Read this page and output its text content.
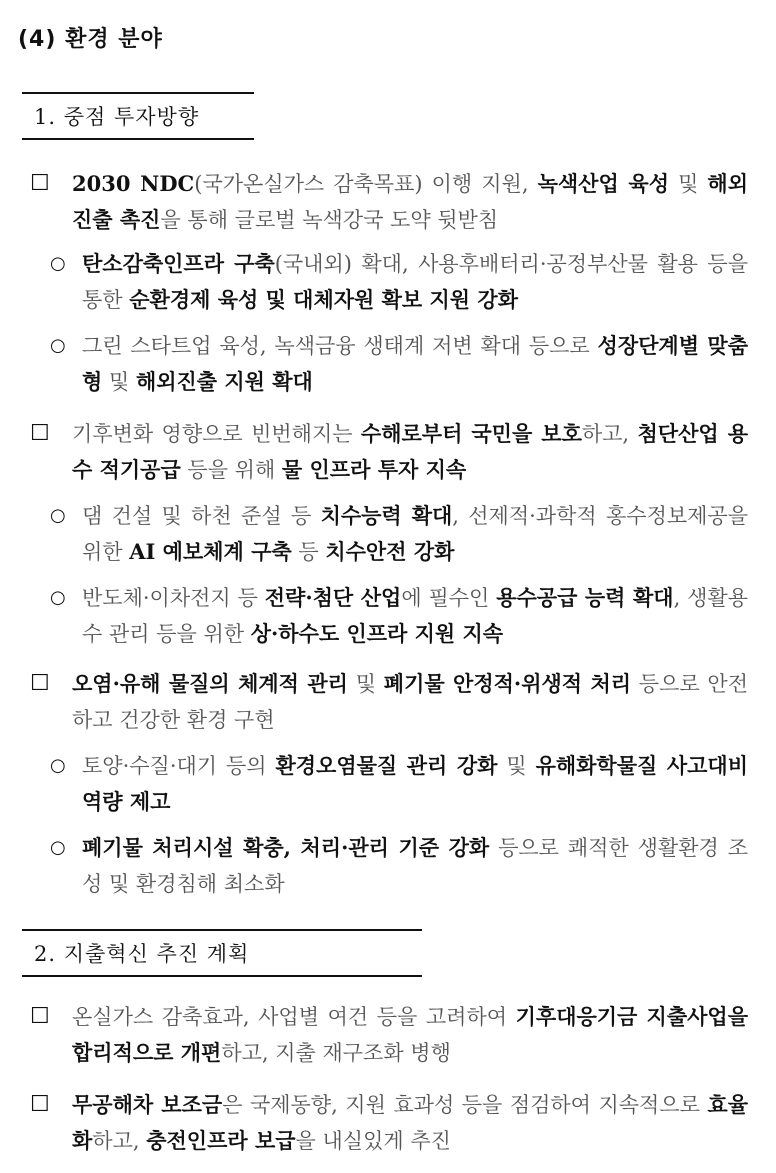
(4) 환경 분야
1. 중점 투자방향
☐	2030 NDC(국가온실가스 감축목표) 이행 지원, 녹색산업 육성 및 해외진출 촉진을 통해 글로벌 녹색강국 도약 뒷받침
○ 탄소감축인프라 구축(국내외) 확대, 사용후배터리·공정부산물 활용 등을 통한 순환경제 육성 및 대체자원 확보 지원 강화
○ 그린 스타트업 육성, 녹색금융 생태계 저변 확대 등으로 성장단계별 맞춤형 및 해외진출 지원 확대
☐	기후변화 영향으로 빈번해지는 수해로부터 국민을 보호하고, 첨단산업 용수 적기공급 등을 위해 물 인프라 투자 지속
○ 댐 건설 및 하천 준설 등 치수능력 확대, 선제적·과학적 홍수정보제공을 위한 AI 예보체계 구축 등 치수안전 강화
○ 반도체·이차전지 등 전략·첨단 산업에 필수인 용수공급 능력 확대, 생활용수 관리 등을 위한 상·하수도 인프라 지원 지속
☐	오염·유해 물질의 체계적 관리 및 폐기물 안정적·위생적 처리 등으로 안전하고 건강한 환경 구현
○ 토양·수질·대기 등의 환경오염물질 관리 강화 및 유해화학물질 사고대비 역량 제고
○ 폐기물 처리시설 확충, 처리·관리 기준 강화 등으로 쾌적한 생활환경 조성 및 환경침해 최소화
2. 지출혁신 추진 계획
☐	온실가스 감축효과, 사업별 여건 등을 고려하여 기후대응기금 지출사업을 합리적으로 개편하고, 지출 재구조화 병행
☐	무공해차 보조금은 국제동향, 지원 효과성 등을 점검하여 지속적으로 효율화하고, 충전인프라 보급을 내실있게 추진
